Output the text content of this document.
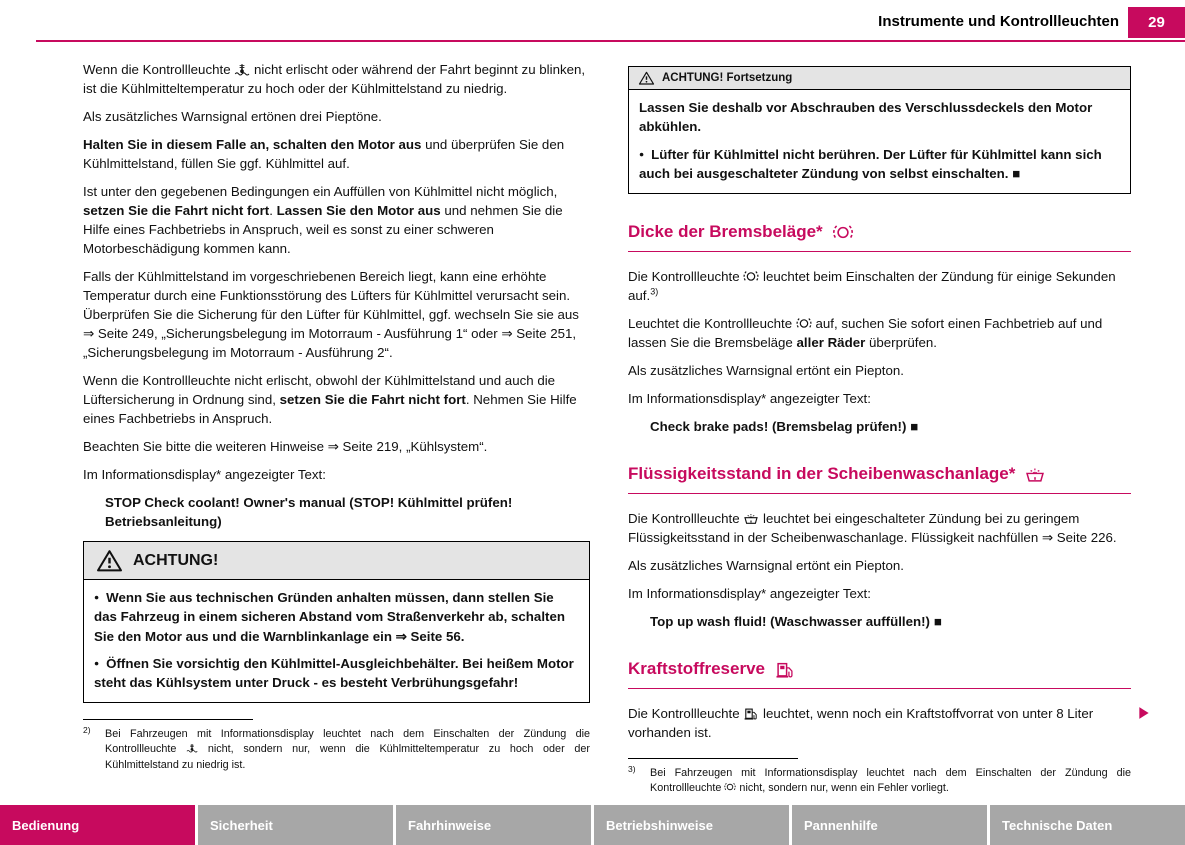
Instrumente und Kontrollleuchten	29

Wenn die Kontrollleuchte
nicht erlischt oder während der Fahrt beginnt zu blinken, ist die Kühlmitteltemperatur zu hoch oder der Kühlmittelstand zu niedrig.

Als zusätzliches Warnsignal ertönen drei Pieptöne.

Halten Sie in diesem Falle an, schalten den Motor aus und überprüfen Sie den Kühlmittelstand, füllen Sie ggf. Kühlmittel auf.

Ist unter den gegebenen Bedingungen ein Auffüllen von Kühlmittel nicht möglich, setzen Sie die Fahrt nicht fort. Lassen Sie den Motor aus und nehmen Sie die Hilfe eines Fachbetriebs in Anspruch, weil es sonst zu einer schweren Motorbeschädigung kommen kann.

Falls der Kühlmittelstand im vorgeschriebenen Bereich liegt, kann eine erhöhte Temperatur durch eine Funktionsstörung des Lüfters für Kühlmittel verursacht sein. Überprüfen Sie die Sicherung für den Lüfter für Kühlmittel, ggf. wechseln Sie sie aus ⇒ Seite 249, „Sicherungsbelegung im Motorraum - Ausführung 1“ oder ⇒ Seite 251, „Sicherungsbelegung im Motorraum - Ausführung 2“.

Wenn die Kontrollleuchte nicht erlischt, obwohl der Kühlmittelstand und auch die Lüftersicherung in Ordnung sind, setzen Sie die Fahrt nicht fort. Nehmen Sie Hilfe eines Fachbetriebs in Anspruch.

Beachten Sie bitte die weiteren Hinweise ⇒ Seite 219, „Kühlsystem“.

Im Informationsdisplay* angezeigter Text:

STOP Check coolant! Owner's manual (STOP! Kühlmittel prüfen! Betriebsanleitung)

ACHTUNG!

● Wenn Sie aus technischen Gründen anhalten müssen, dann stellen Sie das Fahrzeug in einem sicheren Abstand vom Straßenverkehr ab, schalten Sie den Motor aus und die Warnblinkanlage ein ⇒ Seite 56.

● Öffnen Sie vorsichtig den Kühlmittel-Ausgleichbehälter. Bei heißem Motor steht das Kühlsystem unter Druck - es besteht Verbrühungsgefahr!

2) Bei Fahrzeugen mit Informationsdisplay leuchtet nach dem Einschalten der Zündung die Kontrollleuchte
nicht, sondern nur, wenn die Kühlmitteltemperatur zu hoch oder der Kühlmittelstand zu niedrig ist.
ACHTUNG! Fortsetzung

Lassen Sie deshalb vor Abschrauben des Verschlussdeckels den Motor abkühlen.

● Lüfter für Kühlmittel nicht berühren. Der Lüfter für Kühlmittel kann sich auch bei ausgeschalteter Zündung von selbst einschalten. ■

Dicke der Bremsbeläge*

Die Kontrollleuchte
leuchtet beim Einschalten der Zündung für einige Sekunden auf.$^{3)}$

Leuchtet die Kontrollleuchte
auf, suchen Sie sofort einen Fachbetrieb auf und lassen Sie die Bremsbeläge aller Räder überprüfen.

Als zusätzliches Warnsignal ertönt ein Piepton.

Im Informationsdisplay* angezeigter Text:

Check brake pads! (Bremsbelag prüfen!) ■

Flüssigkeitsstand in der Scheibenwaschanlage*

Die Kontrollleuchte
leuchtet bei eingeschalteter Zündung bei zu geringem Flüssigkeitsstand in der Scheibenwaschanlage. Flüssigkeit nachfüllen ⇒ Seite 226.

Als zusätzliches Warnsignal ertönt ein Piepton.

Im Informationsdisplay* angezeigter Text:

Top up wash fluid! (Waschwasser auffüllen!) ■

Kraftstoffreserve

Die Kontrollleuchte
leuchtet, wenn noch ein Kraftstoffvorrat von unter 8 Liter vorhanden ist.

3) Bei Fahrzeugen mit Informationsdisplay leuchtet nach dem Einschalten der Zündung die Kontrollleuchte
nicht, sondern nur, wenn ein Fehler vorliegt.
Bedienung	Sicherheit	Fahrhinweise	Betriebshinweise	Pannenhilfe	Technische Daten
